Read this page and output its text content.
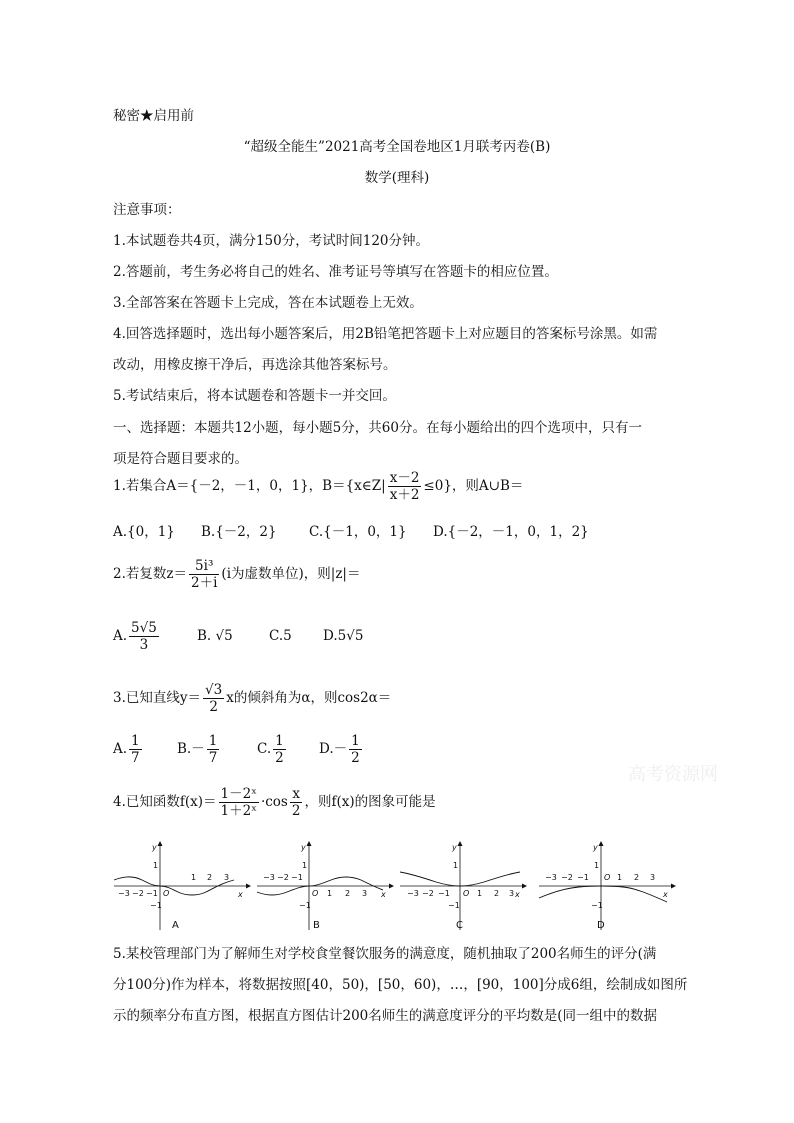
秘密★启用前
“超级全能生”2021高考全国卷地区1月联考丙卷(B)
数学(理科)
注意事项：
1.本试题卷共4页，满分150分，考试时间120分钟。
2.答题前，考生务必将自己的姓名、准考证号等填写在答题卡的相应位置。
3.全部答案在答题卡上完成，答在本试题卷上无效。
4.回答选择题时，选出每小题答案后，用2B铅笔把答题卡上对应题目的答案标号涂黑。如需
改动，用橡皮擦干净后，再选涂其他答案标号。
5.考试结束后，将本试题卷和答题卡一并交回。
一、选择题：本题共12小题，每小题5分，共60分。在每小题给出的四个选项中，只有一
项是符合题目要求的。
1.若集合A＝{－2，－1，0，1}，B＝{x∈Z| $\frac{x-2}{x+2} \le 0$}，则A∪B＝
A.{0，1} B.{－2，2} C.{－1，0，1} D.{－2，－1，0，1，2}
2.若复数$z= \frac{\text{5i³}}{2+i} (i$为虚数单位)，则|z|＝
A. $\frac{5√5}{3}$	B. √5	C.5 D.5√5
3.已知直线$y= \frac{√3}{2}$ x的倾斜角为α，则cos2α＝
A. $\frac{1}{7}$	$B.- \frac{1}{7}$	C. $\frac{1}{2} D.- \frac{1}{2}$
高考资源网
4.已知函数$f(x)= \frac{\text{1－2ˣ}}{\text{1＋2ˣ}} \cdot\cos \frac{x}{2}$ ，则f(x)的图象可能是
−3 −2 −1 O
1 2 3
1
−1
x
y
A
−3 −2 −1
O 1 2 3
1
−1
x
y
B
−3 −2 −1 O 1 2 3
1
−1
x
y
C
−3 −2 −1 O 1 2 3
1
−1
x
y
D
5.某校管理部门为了解师生对学校食堂餐饮服务的满意度，随机抽取了200名师生的评分(满
分100分)作为样本，将数据按照[40，50)，[50，60)，…，[90，100]分成6组，绘制成如图所
示的频率分布直方图，根据直方图估计200名师生的满意度评分的平均数是(同一组中的数据
